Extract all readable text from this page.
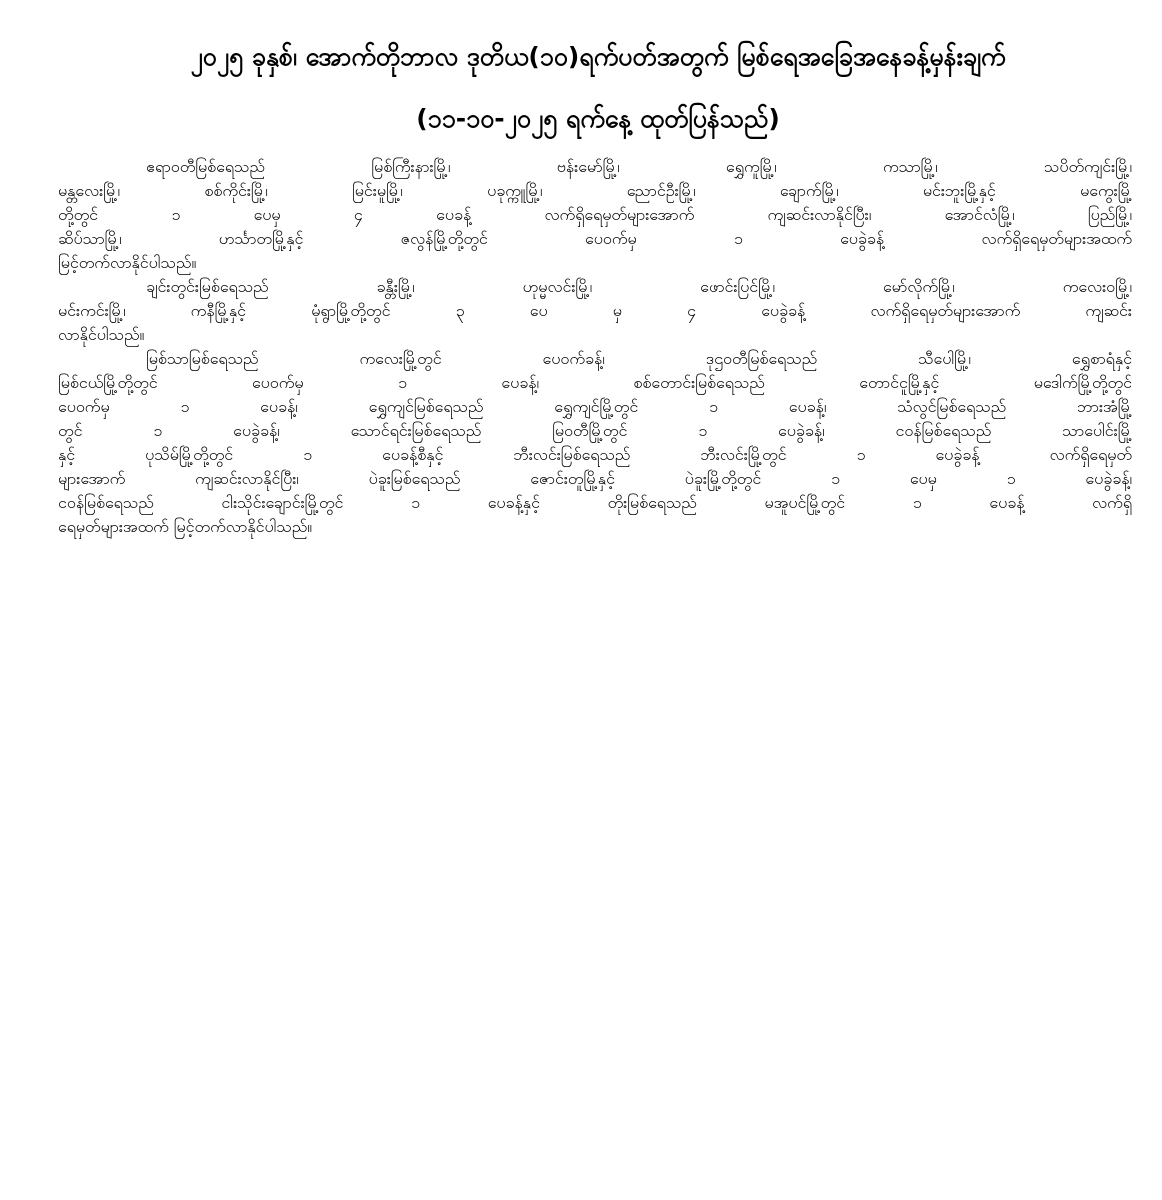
၂၀၂၅ ခုနှစ်၊ အောက်တိုဘာလ ဒုတိယ(၁၀)ရက်ပတ်အတွက် မြစ်ရေအခြေအနေခန့်မှန်းချက်
(၁၁-၁၀-၂၀၂၅ ရက်နေ့ ထုတ်ပြန်သည်)
ဧရာဝတီမြစ်ရေသည် မြစ်ကြီးနားမြို့၊ ဗန်းမော်မြို့၊ ရွှေကူမြို့၊ ကသာမြို့၊ သပိတ်ကျင်းမြို့၊
မန္တလေးမြို့၊ စစ်ကိုင်းမြို့၊ မြင်းမူမြို့၊ ပခုက္ကူမြို့၊ ညောင်ဦးမြို့၊ ချောက်မြို့၊ မင်းဘူးမြို့နှင့် မကွေးမြို့
တို့တွင် ၁ ပေမှ ၄ ပေခန့် လက်ရှိရေမှတ်များအောက် ကျဆင်းလာနိုင်ပြီး၊ အောင်လံမြို့၊ ပြည်မြို့၊
ဆိပ်သာမြို့၊ ဟင်္သာတမြို့နှင့် ဇလွန်မြို့တို့တွင် ပေဝက်မှ ၁ ပေခွဲခန့် လက်ရှိရေမှတ်များအထက်
မြင့်တက်လာနိုင်ပါသည်။
ချင်းတွင်းမြစ်ရေသည် ခန္တီးမြို့၊ ဟုမ္မလင်းမြို့၊ ဖောင်းပြင်မြို့၊ မော်လိုက်မြို့၊ ကလေးဝမြို့၊
မင်းကင်းမြို့၊ ကနီမြို့နှင့် မုံရွာမြို့တို့တွင် ၃ ပေ မှ ၄ ပေခွဲခန့် လက်ရှိရေမှတ်များအောက် ကျဆင်း
လာနိုင်ပါသည်။
မြစ်သာမြစ်ရေသည် ကလေးမြို့တွင် ပေဝက်ခန့်၊ ဒုဌဝတီမြစ်ရေသည် သီပေါမြို့၊ ရွှေစာရံနှင့်
မြစ်ငယ်မြို့တို့တွင် ပေဝက်မှ ၁ ပေခန့်၊ စစ်တောင်းမြစ်ရေသည် တောင်ငူမြို့နှင့် မဒေါက်မြို့တို့တွင်
ပေဝက်မှ ၁ ပေခန့်၊ ရွှေကျင်မြစ်ရေသည် ရွှေကျင်မြို့တွင် ၁ ပေခန့်၊ သံလွင်မြစ်ရေသည် ဘားအံမြို့
တွင် ၁ ပေခွဲခန့်၊ သောင်ရင်းမြစ်ရေသည် မြဝတီမြို့တွင် ၁ ပေခွဲခန့်၊ ငဝန်မြစ်ရေသည် သာပေါင်းမြို့
နှင့် ပုသိမ်မြို့တို့တွင် ၁ ပေခန့်စီနှင့် ဘီးလင်းမြစ်ရေသည် ဘီးလင်းမြို့တွင် ၁ ပေခွဲခန့် လက်ရှိရေမှတ်
များအောက် ကျဆင်းလာနိုင်ပြီး၊ ပဲခူးမြစ်ရေသည် ဇောင်းတူမြို့နှင့် ပဲခူးမြို့တို့တွင် ၁ ပေမှ ၁ ပေခွဲခန့်၊
ငဝန်မြစ်ရေသည် ငါးသိုင်းချောင်းမြို့တွင် ၁ ပေခန့်နှင့် တိုးမြစ်ရေသည် မအူပင်မြို့တွင် ၁ ပေခန့် လက်ရှိ
ရေမှတ်များအထက် မြင့်တက်လာနိုင်ပါသည်။
